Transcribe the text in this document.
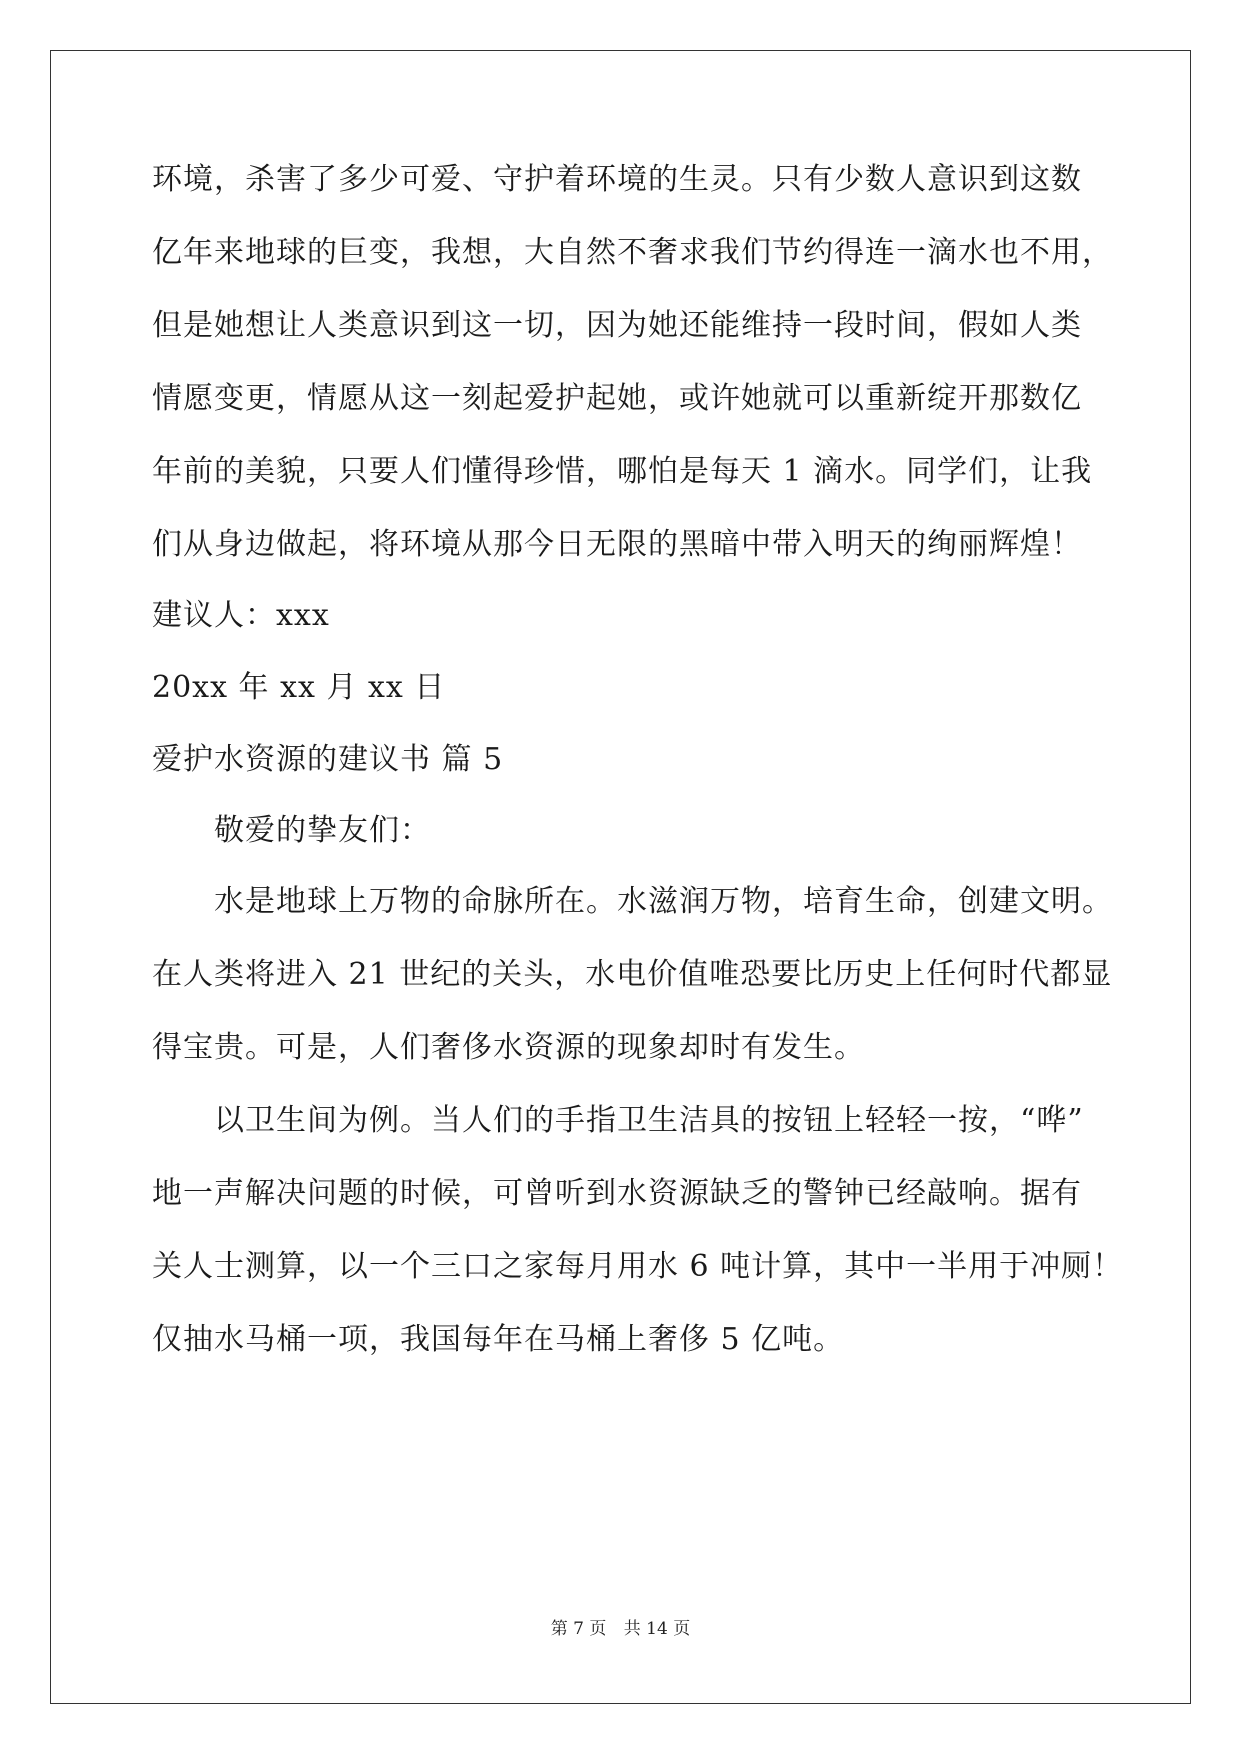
环境，杀害了多少可爱、守护着环境的生灵。只有少数人意识到这数
亿年来地球的巨变，我想，大自然不奢求我们节约得连一滴水也不用，
但是她想让人类意识到这一切，因为她还能维持一段时间，假如人类
情愿变更，情愿从这一刻起爱护起她，或许她就可以重新绽开那数亿
年前的美貌，只要人们懂得珍惜，哪怕是每天 1 滴水。同学们，让我
们从身边做起，将环境从那今日无限的黑暗中带入明天的绚丽辉煌！
建议人：xxx
20xx 年 xx 月 xx 日
爱护水资源的建议书 篇 5
敬爱的挚友们：
水是地球上万物的命脉所在。水滋润万物，培育生命，创建文明。
在人类将进入 21 世纪的关头，水电价值唯恐要比历史上任何时代都显
得宝贵。可是，人们奢侈水资源的现象却时有发生。
以卫生间为例。当人们的手指卫生洁具的按钮上轻轻一按，“哗”
地一声解决问题的时候，可曾听到水资源缺乏的警钟已经敲响。据有
关人士测算，以一个三口之家每月用水 6 吨计算，其中一半用于冲厕！
仅抽水马桶一项，我国每年在马桶上奢侈 5 亿吨。
第 7 页 共 14 页
